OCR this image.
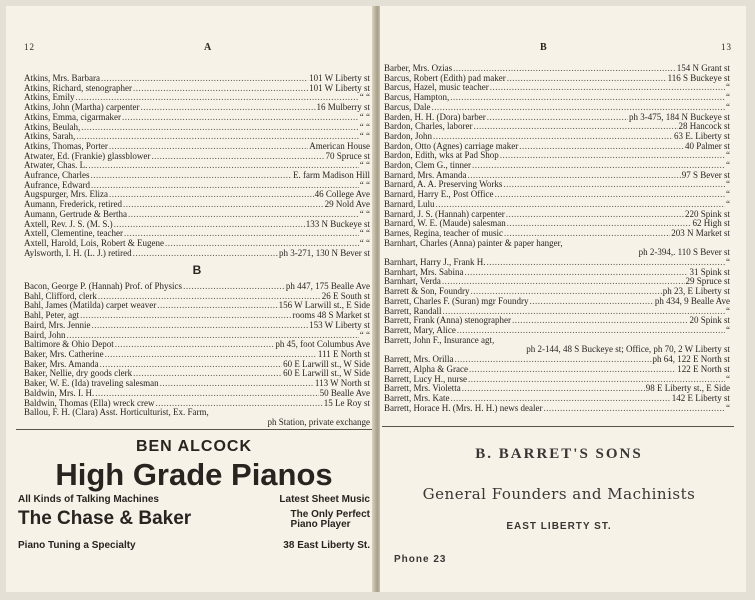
12	A
Atkins, Mrs. Barbara .....	101 W Liberty st
Atkins, Richard, stenographer .....	101 W Liberty st
Atkins, Emily .....	“ “
Atkins, John (Martha) carpenter .....	16 Mulberry st
Atkins, Emma, cigarmaker .....	“ “
Atkins, Beulah, .....	“ “
Atkins, Sarah, .....	“ “
Atkins, Thomas, Porter .....	American House
Atwater, Ed. (Frankie) glassblower .....	70 Spruce st
Atwater, Chas. L. .....	“ “
Aufrance, Charles .....	E. farm Madison Hill
Aufrance, Edward .....	“ “
Augspurger, Mrs. Eliza .....	46 College Ave
Aumann, Frederick, retired .....	29 Nold Ave
Aumann, Gertrude & Bertha .....	“ “
Axtell, Rev. J. S. (M. S.) .....	133 N Buckeye st
Axtell, Clementine, teacher .....	“ “
Axtell, Harold, Lois, Robert & Eugene .....	“ “
Aylsworth, I. H. (L. J.) retired .....	ph 3-271, 130 N Bever st
B
Bacon, George P. (Hannah) Prof. of Physics .....	ph 447, 175 Bealle Ave
Bahl, Clifford, clerk .....	26 E South st
Bahl, James (Matilda) carpet weaver .....	156 W Larwill st., E Side
Bahl, Peter, agt .....	rooms 48 S Market st
Baird, Mrs. Jennie .....	153 W Liberty st
Baird, John .....	“ “
Baltimore & Ohio Depot .....	ph 45, foot Columbus Ave
Baker, Mrs. Catherine .....	111 E North st
Baker, Mrs. Amanda .....	60 E Larwill st., W Side
Baker, Nellie, dry goods clerk .....	60 E Larwill st., W Side
Baker, W. E. (Ida) traveling salesman .....	113 W North st
Baldwin, Mrs. I. H. .....	50 Bealle Ave
Baldwin, Thomas (Ella) wreck crew .....	15 Le Roy st
Ballou, F. H. (Clara) Asst. Horticulturist, Ex. Farm,
ph Station, private exchange
BEN ALCOCK
High Grade Pianos
All Kinds of Talking Machines	Latest Sheet Music
The Chase & Baker	The Only Perfect
Piano Player
Piano Tuning a Specialty	38 East Liberty St.
B	13
Barber, Mrs. Ozias .....	154 N Grant st
Barcus, Robert (Edith) pad maker .....	116 S Buckeye st
Barcus, Hazel, music teacher .....	“
Barcus, Hampton, .....	“
Barcus, Dale .....	“
Barden, H. H. (Dora) barber .....	ph 3-475, 184 N Buckeye st
Bardon, Charles, laborer .....	28 Hancock st
Bardon, John .....	63 E. Liberty st
Bardon, Otto (Agnes) carriage maker .....	40 Palmer st
Bardon, Edith, wks at Pad Shop .....	“
Bardon, Clem G., tinner .....	“
Barnard, Mrs. Amanda .....	97 S Bever st
Barnard, A. A. Preserving Works .....	“
Barnard, Harry E., Post Office .....	“
Barnard, Lulu .....	“
Barnard, J. S. (Hannah) carpenter .....	220 Spink st
Barnard, W. E. (Maude) salesman .....	62 High st
Barnes, Regina, teacher of music .....	203 N Market st
Barnhart, Charles (Anna) painter & paper hanger,
ph 2-394,. 110 S Bever st
Barnhart, Harry J., Frank H. .....	“
Barnhart, Mrs. Sabina .....	31 Spink st
Barnhart, Verda .....	29 Spruce st
Barrett & Son, Foundry .....	ph 23, E Liberty st
Barrett, Charles F. (Suran) mgr Foundry .....	ph 434, 9 Bealle Ave
Barrett, Randall .....	“
Barrett, Frank (Anna) stenographer .....	20 Spink st
Barrett, Mary, Alice .....	“
Barrett, John F., Insurance agt,
ph 2-144, 48 S Buckeye st; Office, ph 70, 2 W Liberty st
Barrett, Mrs. Orilla .....	ph 64, 122 E North st
Barrett, Alpha & Grace .....	122 E North st
Barrett, Lucy H., nurse .....	“
Barrett, Mrs. Violetta .....	98 E Liberty st., E Side
Barrett, Mrs. Kate .....	142 E Liberty st
Barrett, Horace H. (Mrs. H. H.) news dealer .....	“
B. BARRET'S SONS
General Founders and Machinists
EAST LIBERTY ST.
Phone 23
